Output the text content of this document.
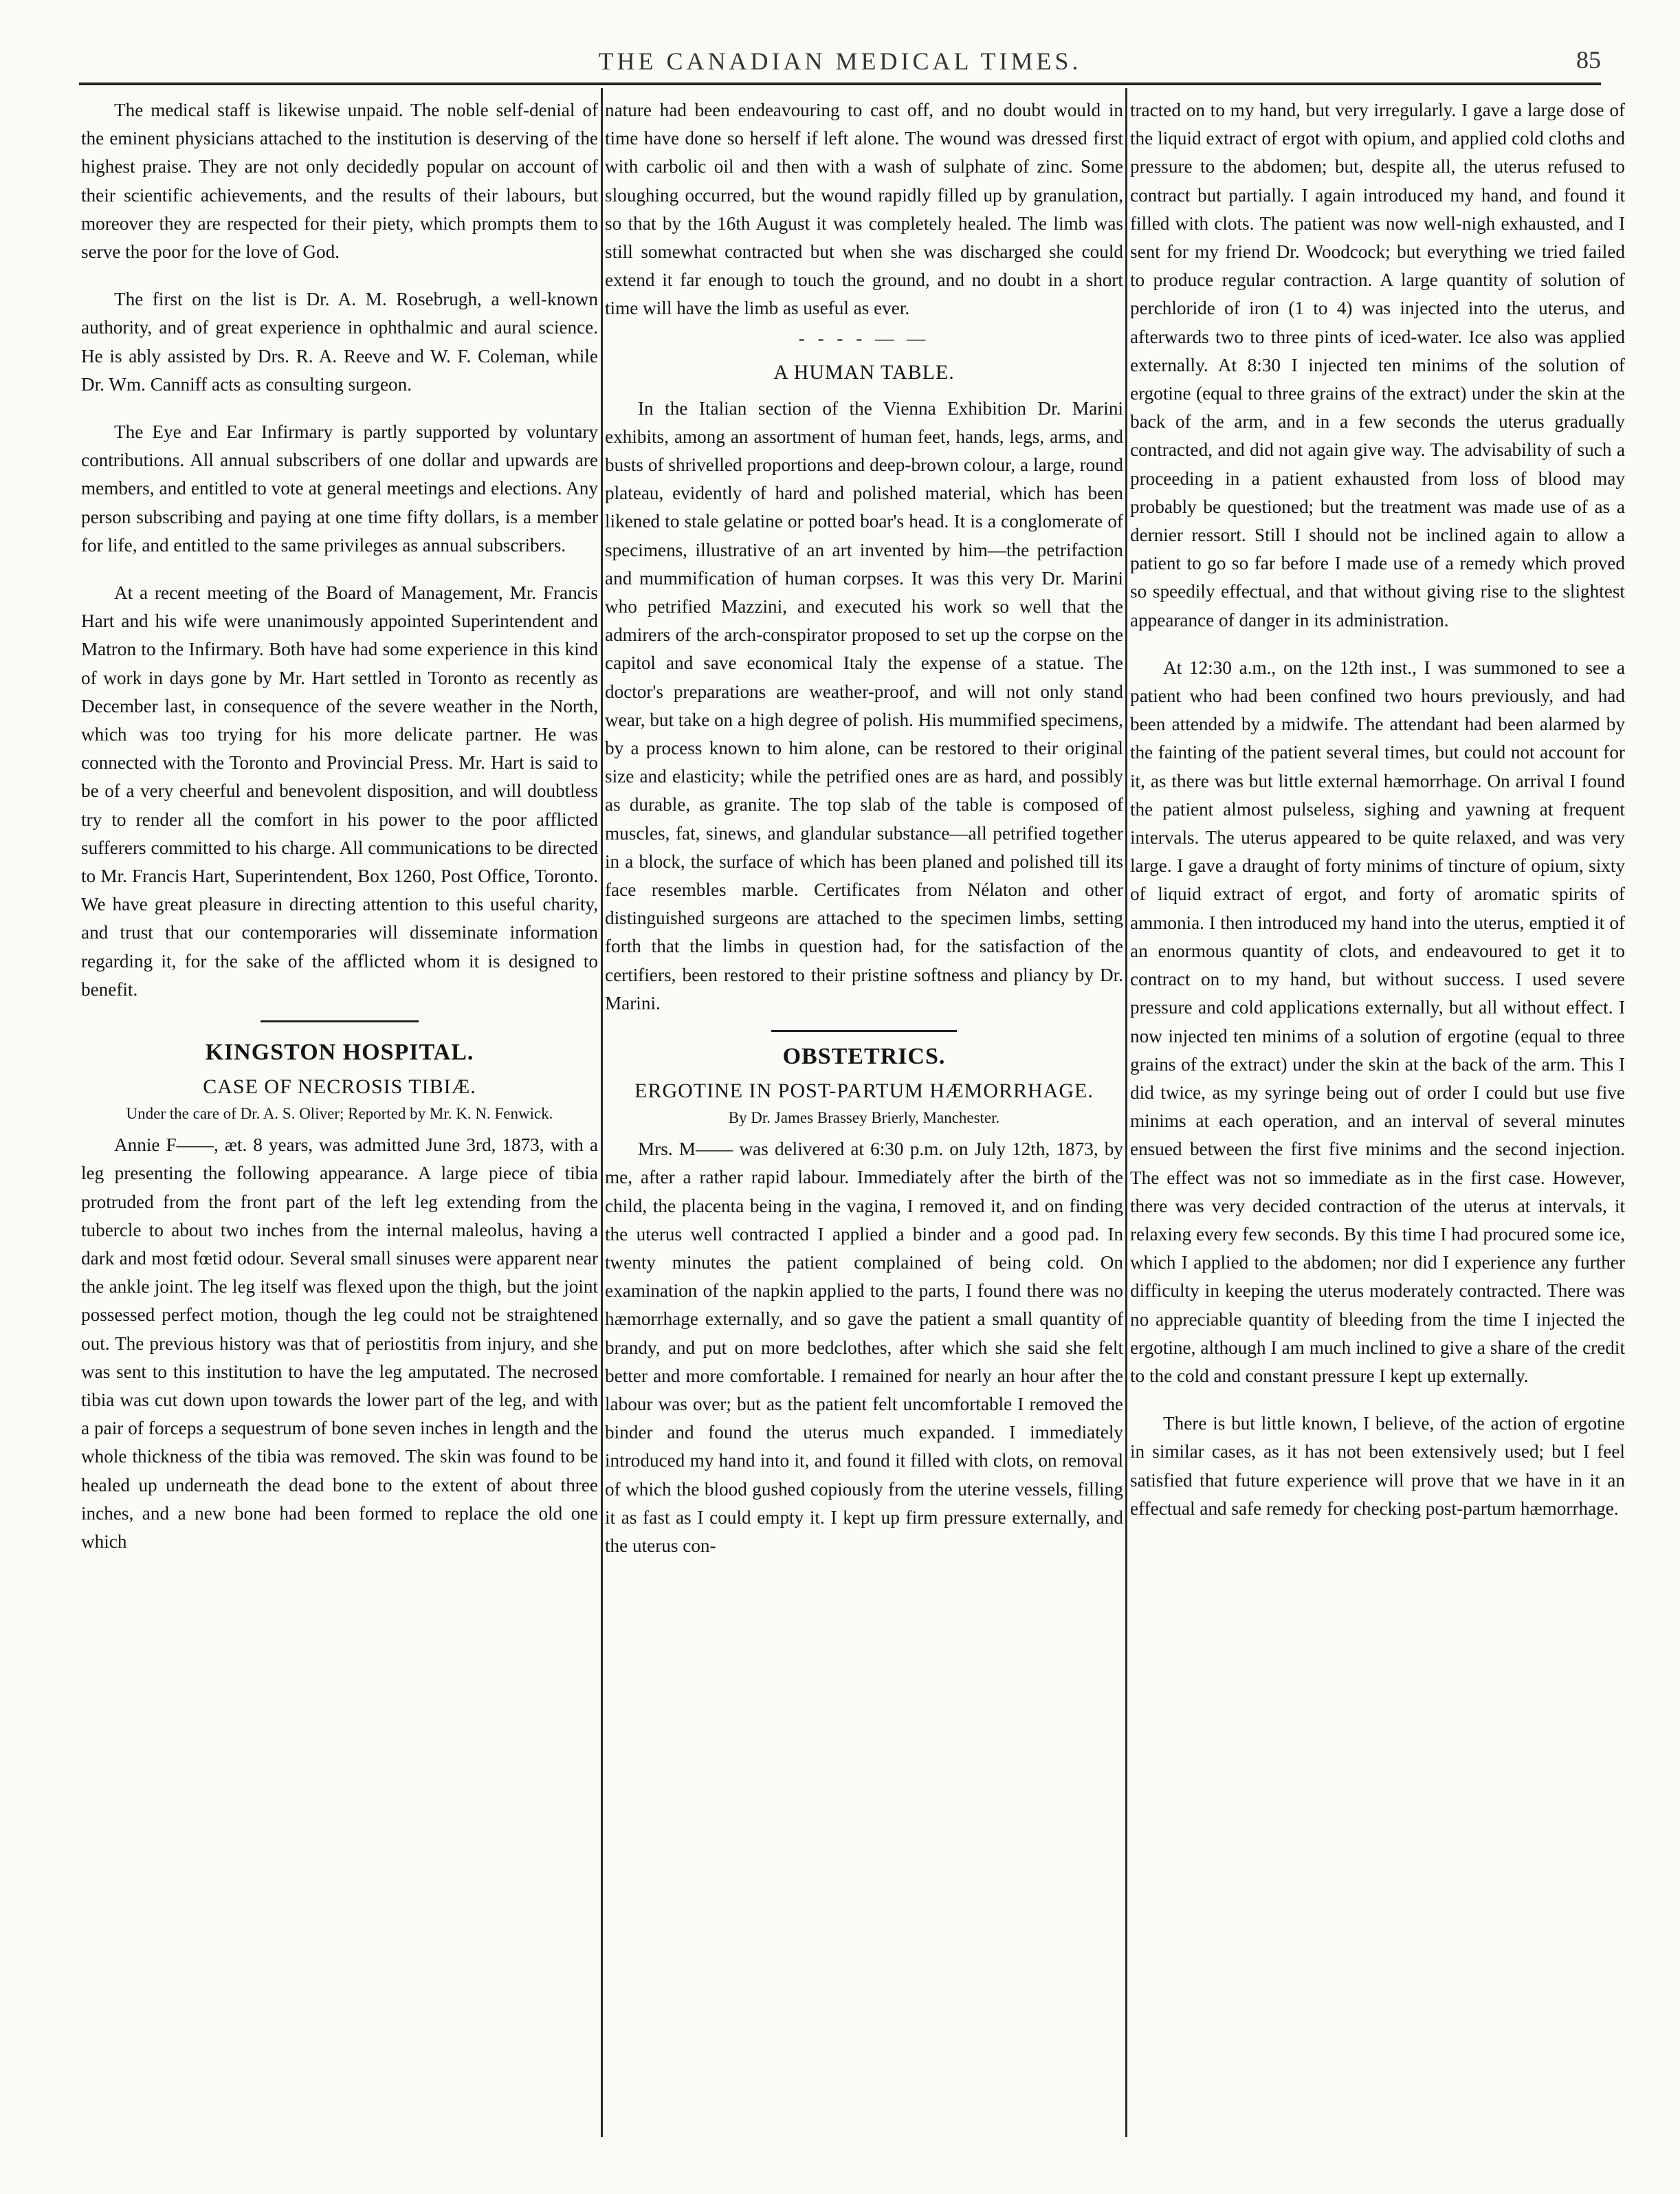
THE CANADIAN MEDICAL TIMES.	85

The medical staff is likewise unpaid. The noble self-denial of the eminent physicians attached to the institution is deserving of the highest praise. They are not only decidedly popular on account of their scientific achievements, and the results of their labours, but moreover they are respected for their piety, which prompts them to serve the poor for the love of God.

The first on the list is Dr. A. M. Rosebrugh, a well-known authority, and of great experience in ophthalmic and aural science. He is ably assisted by Drs. R. A. Reeve and W. F. Coleman, while Dr. Wm. Canniff acts as consulting surgeon.

The Eye and Ear Infirmary is partly supported by voluntary contributions. All annual subscribers of one dollar and upwards are members, and entitled to vote at general meetings and elections. Any person subscribing and paying at one time fifty dollars, is a member for life, and entitled to the same privileges as annual subscribers.

At a recent meeting of the Board of Management, Mr. Francis Hart and his wife were unanimously appointed Superintendent and Matron to the Infirmary. Both have had some experience in this kind of work in days gone by Mr. Hart settled in Toronto as recently as December last, in consequence of the severe weather in the North, which was too trying for his more delicate partner. He was connected with the Toronto and Provincial Press. Mr. Hart is said to be of a very cheerful and benevolent disposition, and will doubtless try to render all the comfort in his power to the poor afflicted sufferers committed to his charge. All communications to be directed to Mr. Francis Hart, Superintendent, Box 1260, Post Office, Toronto. We have great pleasure in directing attention to this useful charity, and trust that our contemporaries will disseminate information regarding it, for the sake of the afflicted whom it is designed to benefit.

KINGSTON HOSPITAL.
CASE OF NECROSIS TIBIÆ.
Under the care of Dr. A. S. Oliver; Reported by Mr. K. N. Fenwick.

Annie F——, æt. 8 years, was admitted June 3rd, 1873, with a leg presenting the following appearance. A large piece of tibia protruded from the front part of the left leg extending from the tubercle to about two inches from the internal maleolus, having a dark and most fœtid odour. Several small sinuses were apparent near the ankle joint. The leg itself was flexed upon the thigh, but the joint possessed perfect motion, though the leg could not be straightened out. The previous history was that of periostitis from injury, and she was sent to this institution to have the leg amputated. The necrosed tibia was cut down upon towards the lower part of the leg, and with a pair of forceps a sequestrum of bone seven inches in length and the whole thickness of the tibia was removed. The skin was found to be healed up underneath the dead bone to the extent of about three inches, and a new bone had been formed to replace the old one which

nature had been endeavouring to cast off, and no doubt would in time have done so herself if left alone. The wound was dressed first with carbolic oil and then with a wash of sulphate of zinc. Some sloughing occurred, but the wound rapidly filled up by granulation, so that by the 16th August it was completely healed. The limb was still somewhat contracted but when she was discharged she could extend it far enough to touch the ground, and no doubt in a short time will have the limb as useful as ever.

- - - - — —
A HUMAN TABLE.

In the Italian section of the Vienna Exhibition Dr. Marini exhibits, among an assortment of human feet, hands, legs, arms, and busts of shrivelled proportions and deep-brown colour, a large, round plateau, evidently of hard and polished material, which has been likened to stale gelatine or potted boar's head. It is a conglomerate of specimens, illustrative of an art invented by him—the petrifaction and mummification of human corpses. It was this very Dr. Marini who petrified Mazzini, and executed his work so well that the admirers of the arch-conspirator proposed to set up the corpse on the capitol and save economical Italy the expense of a statue. The doctor's preparations are weather-proof, and will not only stand wear, but take on a high degree of polish. His mummified specimens, by a process known to him alone, can be restored to their original size and elasticity; while the petrified ones are as hard, and possibly as durable, as granite. The top slab of the table is composed of muscles, fat, sinews, and glandular substance—all petrified together in a block, the surface of which has been planed and polished till its face resembles marble. Certificates from Nélaton and other distinguished surgeons are attached to the specimen limbs, setting forth that the limbs in question had, for the satisfaction of the certifiers, been restored to their pristine softness and pliancy by Dr. Marini.

OBSTETRICS.
ERGOTINE IN POST-PARTUM HÆMORRHAGE.
By Dr. James Brassey Brierly, Manchester.

Mrs. M—— was delivered at 6:30 p.m. on July 12th, 1873, by me, after a rather rapid labour. Immediately after the birth of the child, the placenta being in the vagina, I removed it, and on finding the uterus well contracted I applied a binder and a good pad. In twenty minutes the patient complained of being cold. On examination of the napkin applied to the parts, I found there was no hæmorrhage externally, and so gave the patient a small quantity of brandy, and put on more bedclothes, after which she said she felt better and more comfortable. I remained for nearly an hour after the labour was over; but as the patient felt uncomfortable I removed the binder and found the uterus much expanded. I immediately introduced my hand into it, and found it filled with clots, on removal of which the blood gushed copiously from the uterine vessels, filling it as fast as I could empty it. I kept up firm pressure externally, and the uterus con-

tracted on to my hand, but very irregularly. I gave a large dose of the liquid extract of ergot with opium, and applied cold cloths and pressure to the abdomen; but, despite all, the uterus refused to contract but partially. I again introduced my hand, and found it filled with clots. The patient was now well-nigh exhausted, and I sent for my friend Dr. Woodcock; but everything we tried failed to produce regular contraction. A large quantity of solution of perchloride of iron (1 to 4) was injected into the uterus, and afterwards two to three pints of iced-water. Ice also was applied externally. At 8:30 I injected ten minims of the solution of ergotine (equal to three grains of the extract) under the skin at the back of the arm, and in a few seconds the uterus gradually contracted, and did not again give way. The advisability of such a proceeding in a patient exhausted from loss of blood may probably be questioned; but the treatment was made use of as a dernier ressort. Still I should not be inclined again to allow a patient to go so far before I made use of a remedy which proved so speedily effectual, and that without giving rise to the slightest appearance of danger in its administration.

At 12:30 a.m., on the 12th inst., I was summoned to see a patient who had been confined two hours previously, and had been attended by a midwife. The attendant had been alarmed by the fainting of the patient several times, but could not account for it, as there was but little external hæmorrhage. On arrival I found the patient almost pulseless, sighing and yawning at frequent intervals. The uterus appeared to be quite relaxed, and was very large. I gave a draught of forty minims of tincture of opium, sixty of liquid extract of ergot, and forty of aromatic spirits of ammonia. I then introduced my hand into the uterus, emptied it of an enormous quantity of clots, and endeavoured to get it to contract on to my hand, but without success. I used severe pressure and cold applications externally, but all without effect. I now injected ten minims of a solution of ergotine (equal to three grains of the extract) under the skin at the back of the arm. This I did twice, as my syringe being out of order I could but use five minims at each operation, and an interval of several minutes ensued between the first five minims and the second injection. The effect was not so immediate as in the first case. However, there was very decided contraction of the uterus at intervals, it relaxing every few seconds. By this time I had procured some ice, which I applied to the abdomen; nor did I experience any further difficulty in keeping the uterus moderately contracted. There was no appreciable quantity of bleeding from the time I injected the ergotine, although I am much inclined to give a share of the credit to the cold and constant pressure I kept up externally.

There is but little known, I believe, of the action of ergotine in similar cases, as it has not been extensively used; but I feel satisfied that future experience will prove that we have in it an effectual and safe remedy for checking post-partum hæmorrhage.
